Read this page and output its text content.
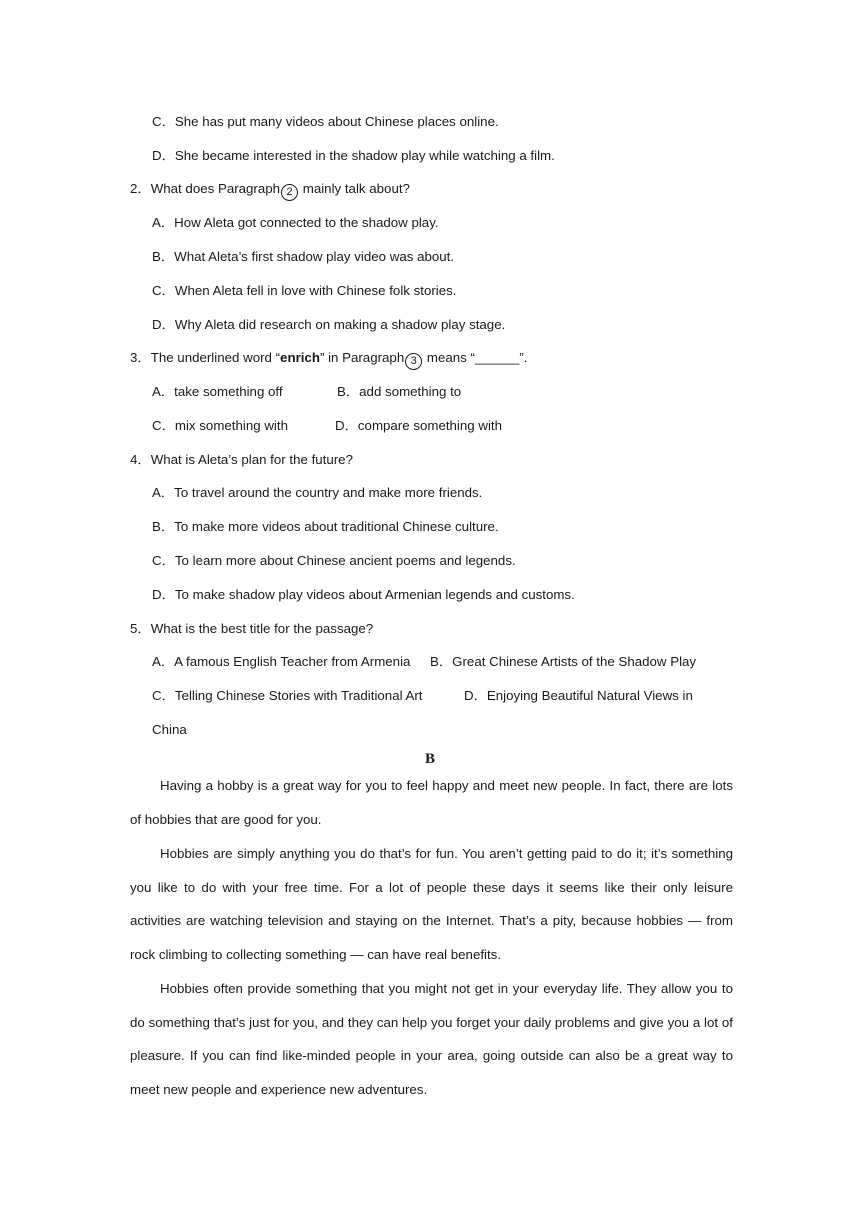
C．She has put many videos about Chinese places online.
D．She became interested in the shadow play while watching a film.
2．What does Paragraph 2 mainly talk about?
A．How Aleta got connected to the shadow play.
B．What Aleta’s first shadow play video was about.
C．When Aleta fell in love with Chinese folk stories.
D．Why Aleta did research on making a shadow play stage.
3．The underlined word “enrich” in Paragraph 3 means “______”.
A．take something off	B．add something to
C．mix something with	D．compare something with
4．What is Aleta’s plan for the future?
A．To travel around the country and make more friends.
B．To make more videos about traditional Chinese culture.
C．To learn more about Chinese ancient poems and legends.
D．To make shadow play videos about Armenian legends and customs.
5．What is the best title for the passage?
A．A famous English Teacher from Armenia B．Great Chinese Artists of the Shadow Play
C．Telling Chinese Stories with Traditional Art	D．Enjoying Beautiful Natural Views in
China
B
Having a hobby is a great way for you to feel happy and meet new people. In fact, there are lots of hobbies that are good for you.
Hobbies are simply anything you do that’s for fun. You aren’t getting paid to do it; it’s something you like to do with your free time. For a lot of people these days it seems like their only leisure activities are watching television and staying on the Internet. That’s a pity, because hobbies — from rock climbing to collecting something — can have real benefits.
Hobbies often provide something that you might not get in your everyday life. They allow you to do something that’s just for you, and they can help you forget your daily problems and give you a lot of pleasure. If you can find like-minded people in your area, going outside can also be a great way to meet new people and experience new adventures.
